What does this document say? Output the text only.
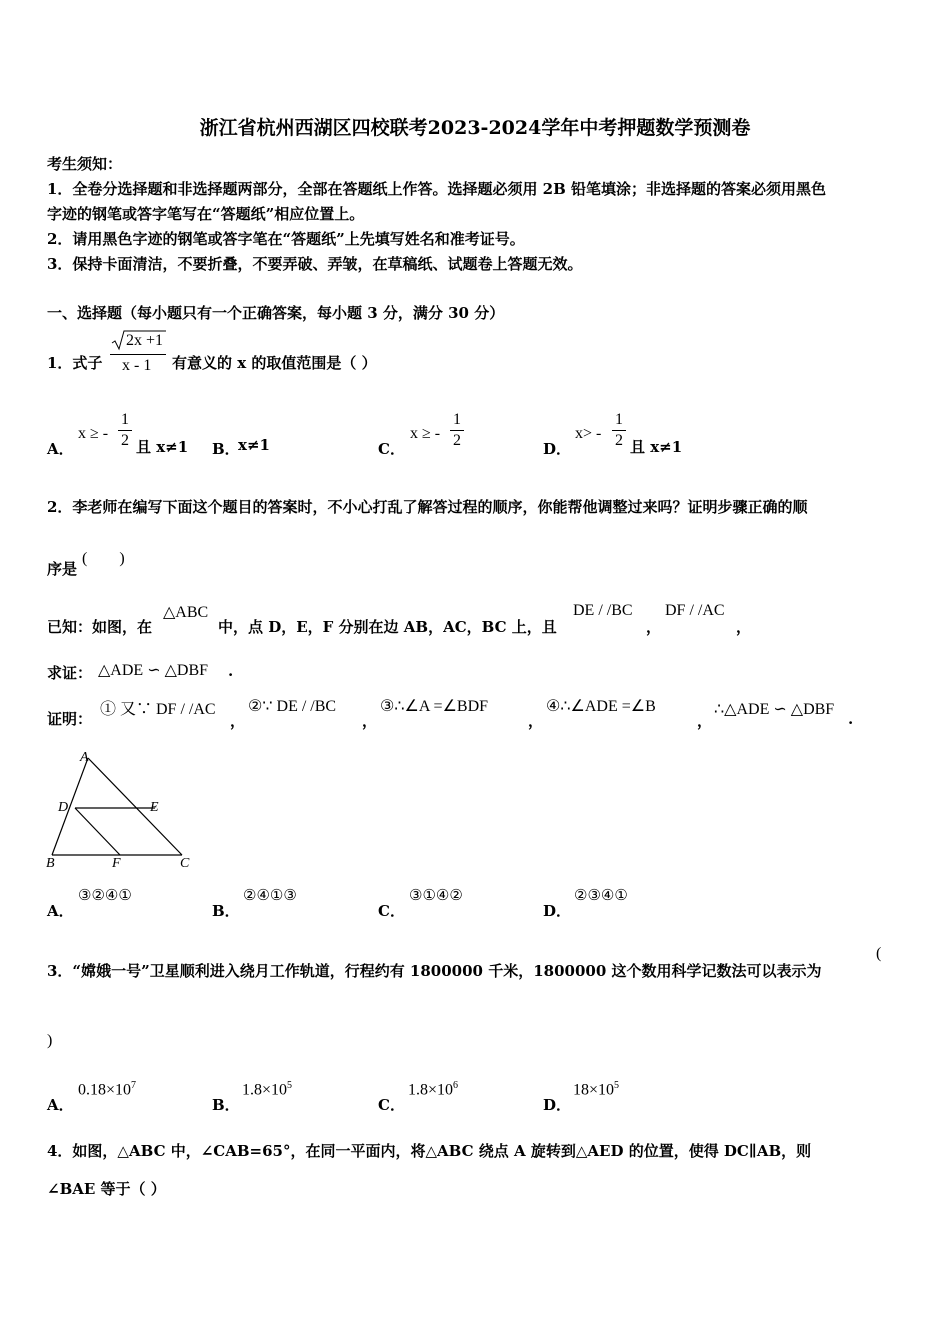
浙江省杭州西湖区四校联考2023-2024学年中考押题数学预测卷
考生须知：
1．全卷分选择题和非选择题两部分，全部在答题纸上作答。选择题必须用 2B 铅笔填涂；非选择题的答案必须用黑色
字迹的钢笔或答字笔写在“答题纸”相应位置上。
2．请用黑色字迹的钢笔或答字笔在“答题纸”上先填写姓名和准考证号。
3．保持卡面清洁，不要折叠，不要弄破、弄皱，在草稿纸、试题卷上答题无效。
一、选择题（每小题只有一个正确答案，每小题 3 分，满分 30 分）
1．式子
2x +1
x - 1 有意义的 x 的取值范围是（ ）
A．
x ≥ -
1
2 且 x≠1 B．
x≠1	C．
x ≥ -
1
2	D．
x> -
1
2 且 x≠1
2．李老师在编写下面这个题目的答案时，不小心打乱了解答过程的顺序，你能帮他调整过来吗？证明步骤正确的顺
序是
(　　)
已知：如图，在
△ABC
中，点 D，E，F 分别在边 AB，AC，BC 上，且
DE / /BC
，
DF / /AC
，
求证： △ADE ∽ △DBF .
证明：
① 又∵ DF / /AC
，
②∵ DE / /BC
，
③∴∠A =∠BDF
，
④∴∠ADE =∠B
，
∴△ADE ∽ △DBF
.
A
D	E
B	F	C
A．
③②④①
B．
②④①③
C．
③①④②
D．
②③④①
3．“嫦娥一号”卫星顺利进入绕月工作轨道，行程约有 1800000 千米，1800000 这个数用科学记数法可以表示为
(
)
A．
$0.18\times 10^7$
B．
$1.8\times 10^5$
C．
$1.8\times 10^6$
D．
$18\times 10^5$
4．如图，△ABC 中，∠CAB=65°，在同一平面内，将△ABC 绕点 A 旋转到△AED 的位置，使得 DC∥AB，则
∠BAE 等于（ ）
